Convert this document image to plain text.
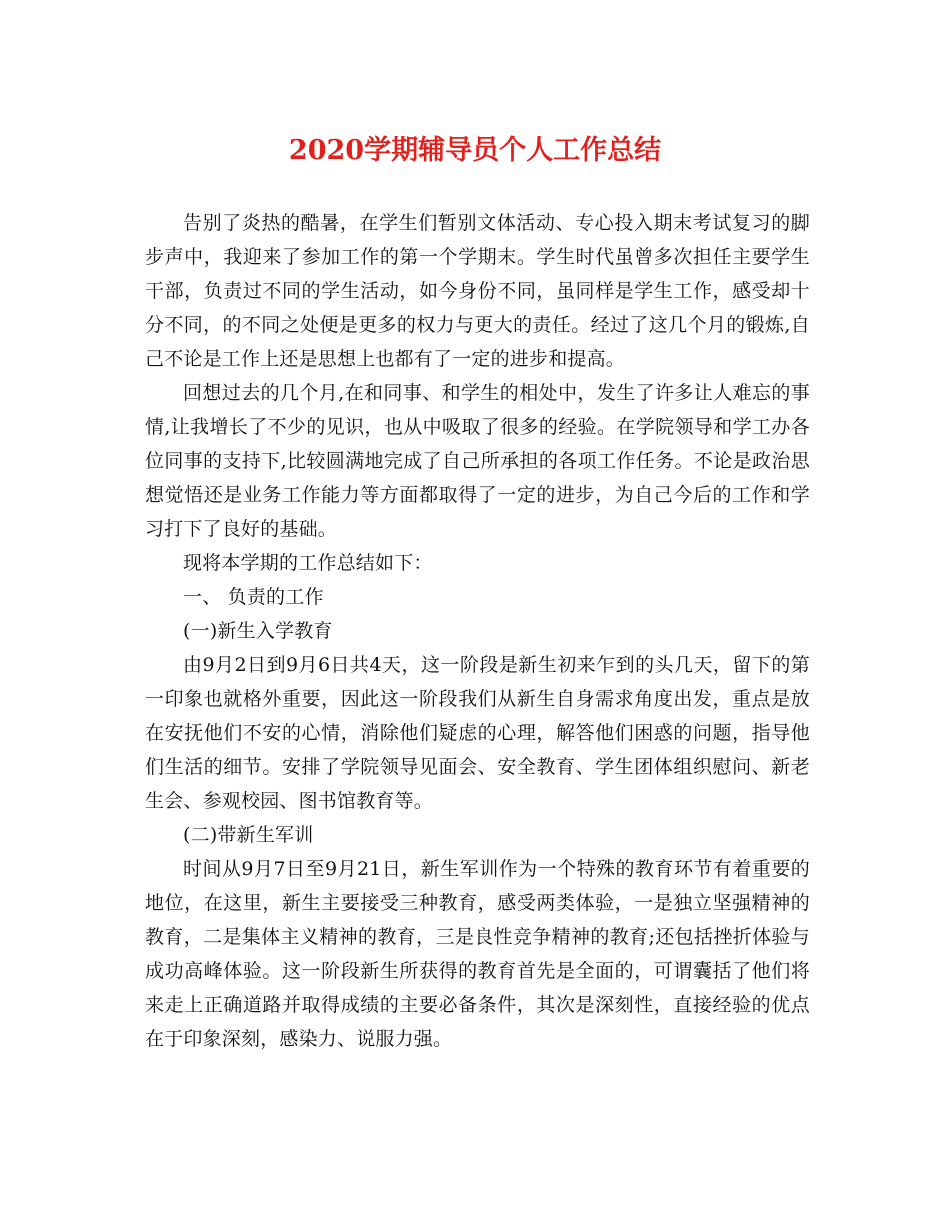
2020学期辅导员个人工作总结

告别了炎热的酷暑，在学生们暂别文体活动、专心投入期末考试复习的脚步声中，我迎来了参加工作的第一个学期末。学生时代虽曾多次担任主要学生干部，负责过不同的学生活动，如今身份不同，虽同样是学生工作，感受却十分不同，的不同之处便是更多的权力与更大的责任。经过了这几个月的锻炼,自己不论是工作上还是思想上也都有了一定的进步和提高。

回想过去的几个月,在和同事、和学生的相处中，发生了许多让人难忘的事情,让我增长了不少的见识，也从中吸取了很多的经验。在学院领导和学工办各位同事的支持下,比较圆满地完成了自己所承担的各项工作任务。不论是政治思想觉悟还是业务工作能力等方面都取得了一定的进步，为自己今后的工作和学习打下了良好的基础。

现将本学期的工作总结如下：

一、 负责的工作

(一)新生入学教育

由9月2日到9月6日共4天，这一阶段是新生初来乍到的头几天，留下的第一印象也就格外重要，因此这一阶段我们从新生自身需求角度出发，重点是放在安抚他们不安的心情，消除他们疑虑的心理，解答他们困惑的问题，指导他们生活的细节。安排了学院领导见面会、安全教育、学生团体组织慰问、新老生会、参观校园、图书馆教育等。

(二)带新生军训

时间从9月7日至9月21日，新生军训作为一个特殊的教育环节有着重要的地位，在这里，新生主要接受三种教育，感受两类体验，一是独立坚强精神的教育，二是集体主义精神的教育，三是良性竞争精神的教育;还包括挫折体验与成功高峰体验。这一阶段新生所获得的教育首先是全面的，可谓囊括了他们将来走上正确道路并取得成绩的主要必备条件，其次是深刻性，直接经验的优点在于印象深刻，感染力、说服力强。
